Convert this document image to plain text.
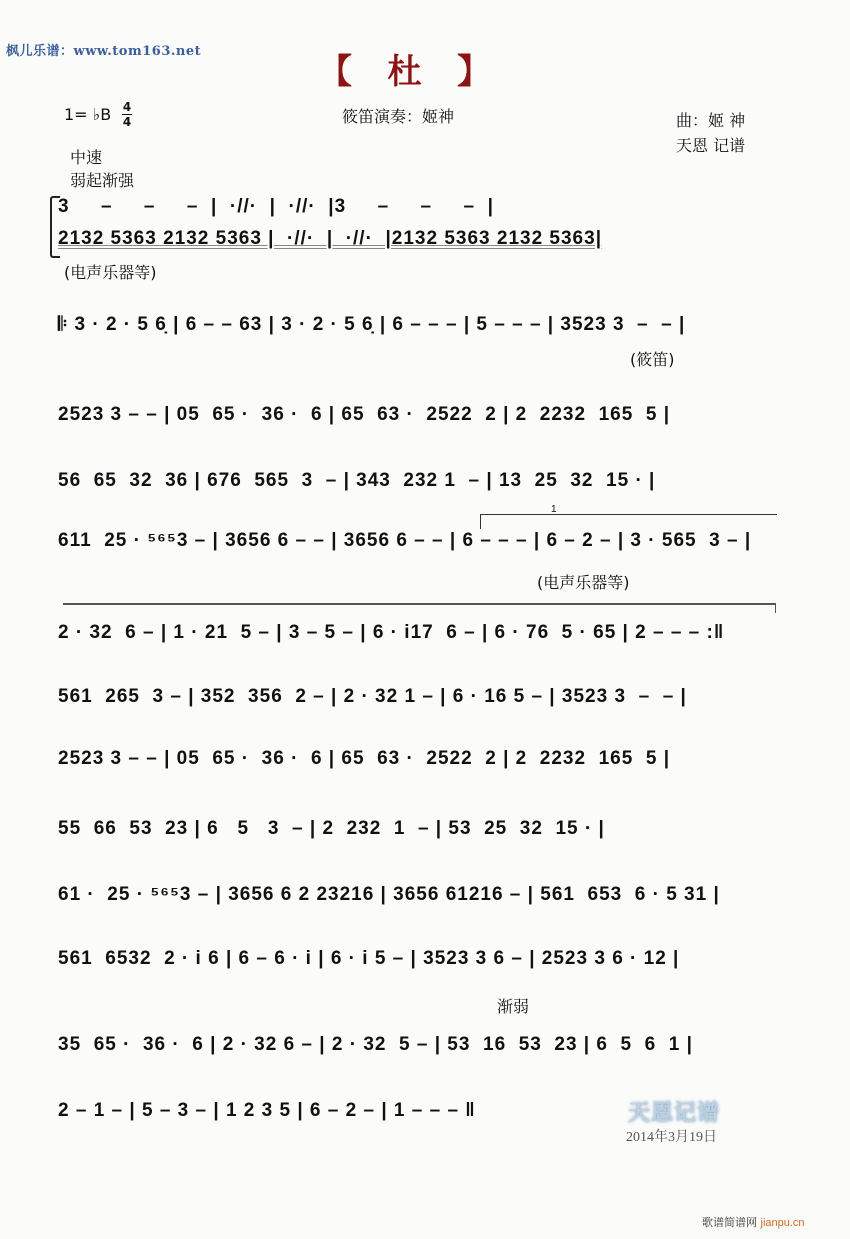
枫儿乐谱：www.tom163.net
【   杜   】
1= ♭B 4
4	筱笛演奏：姬神	曲：姬 神
天恩 记谱
中速
弱起渐强
3     –     –     –  |  ·//·  |  ·//·  |3     –     –     –  |
2132 5363 2132 5363 |  ·//·  |  ·//·  |2132 5363 2132 5363|
(电声乐器等)
𝄆 3 · 2 · 5 6̣ | 6 – – 63 | 3 · 2 · 5 6̣ | 6 – – – | 5 – – – | 3523 3  –  – |
(筱笛)
2523 3 – – | 05  65 ·  36 ·  6 | 65  63 ·  2522  2 | 2  2232  165  5 |
56  65  32  36 | 676  565  3  – | 343  232 1  – | 13  25  32  15 · |
1
611  25 · ⁵⁶⁵3 – | 3656 6 – – | 3656 6 – – | 6 – – – | 6 – 2 – | 3 · 565  3 – |
(电声乐器等)
2 · 32  6 – | 1 · 21  5 – | 3 – 5 – | 6 · i17  6 – | 6 · 76  5 · 65 | 2 – – – :‖
561  265  3 – | 352  356  2 – | 2 · 32 1 – | 6 · 16 5 – | 3523 3  –  – |
2523 3 – – | 05  65 ·  36 ·  6 | 65  63 ·  2522  2 | 2  2232  165  5 |
55  66  53  23 | 6   5   3  – | 2  232  1  – | 53  25  32  15 · |
61 ·  25 · ⁵⁶⁵3 – | 3656 6 2 23216 | 3656 61216 – | 561  653  6 · 5 31 |
561  6532  2 · i 6 | 6 – 6 · i | 6 · i 5 – | 3523 3 6 – | 2523 3 6 · 12 |
渐弱
35  65 ·  36 ·  6 | 2 · 32 6 – | 2 · 32  5 – | 53  16  53  23 | 6  5  6  1 |
2 – 1 – | 5 – 3 – | 1 2 3 5 | 6 – 2 – | 1 – – – ‖	天恩记谱
2014年3月19日
歌谱简谱网 jianpu.cn
